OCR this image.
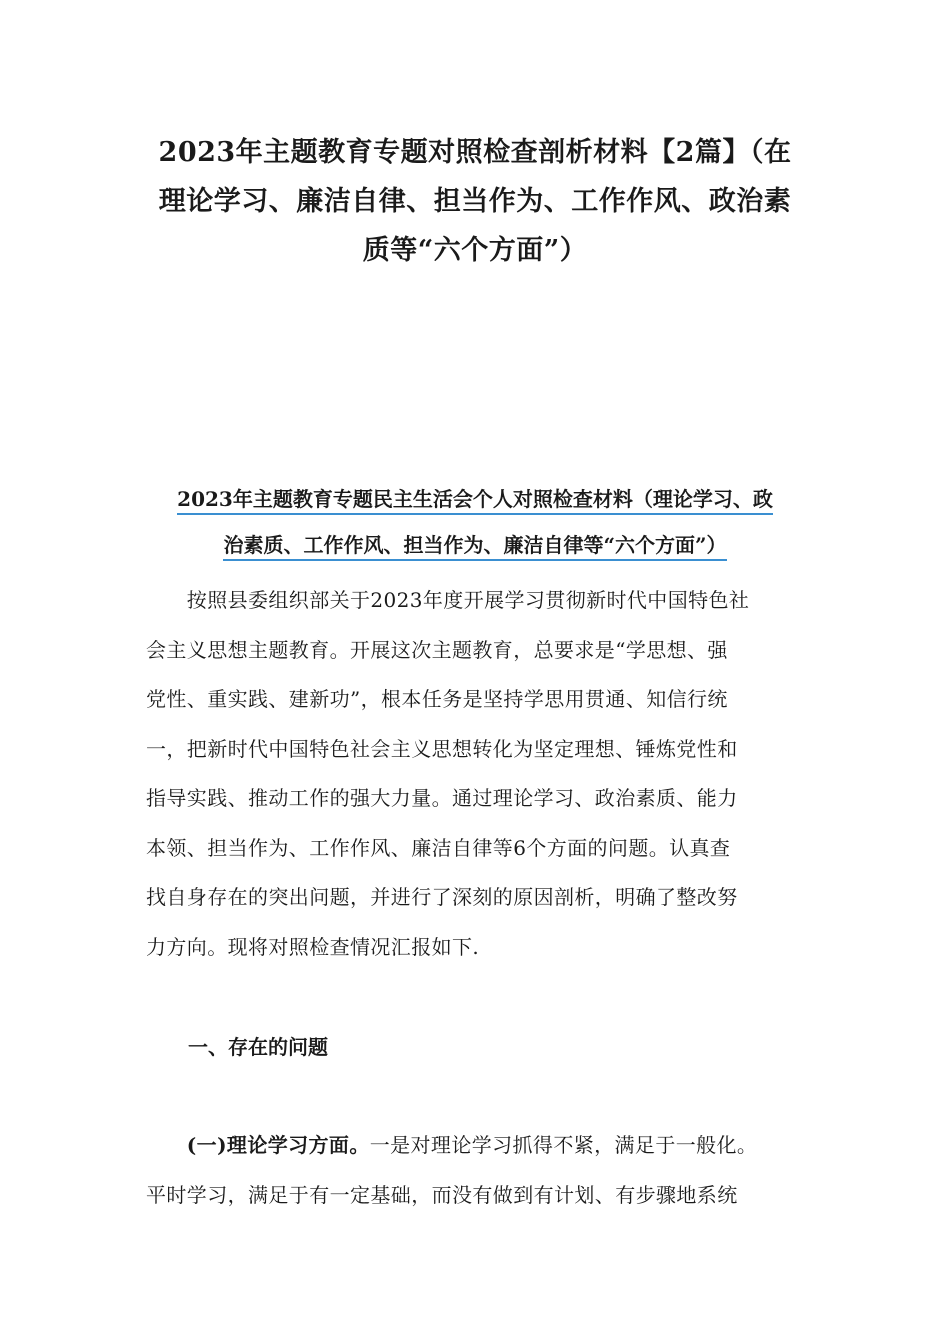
2023年主题教育专题对照检查剖析材料【2篇】（在
理论学习、廉洁自律、担当作为、工作作风、政治素
质等“六个方面”）
2023年主题教育专题民主生活会个人对照检查材料（理论学习、政
治素质、工作作风、担当作为、廉洁自律等“六个方面”）
　　按照县委组织部关于2023年度开展学习贯彻新时代中国特色社
会主义思想主题教育。开展这次主题教育，总要求是“学思想、强
党性、重实践、建新功”，根本任务是坚持学思用贯通、知信行统
一，把新时代中国特色社会主义思想转化为坚定理想、锤炼党性和
指导实践、推动工作的强大力量。通过理论学习、政治素质、能力
本领、担当作为、工作作风、廉洁自律等6个方面的问题。认真查
找自身存在的突出问题，并进行了深刻的原因剖析，明确了整改努
力方向。现将对照检查情况汇报如下.
一、存在的问题
　　(一)理论学习方面。一是对理论学习抓得不紧，满足于一般化。
平时学习，满足于有一定基础，而没有做到有计划、有步骤地系统
